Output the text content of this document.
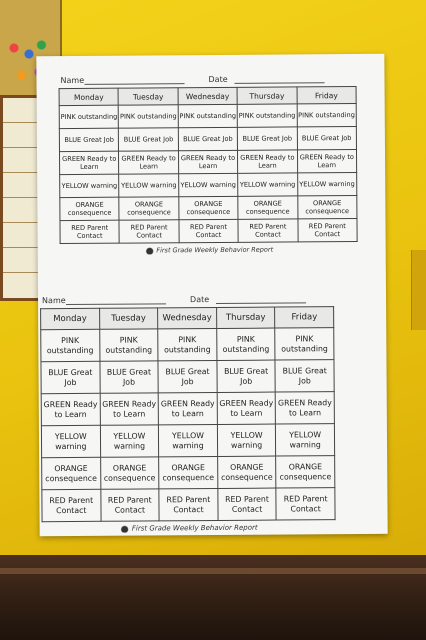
Name	Date
Monday	Tuesday	Wednesday	Thursday	Friday
PINK outstanding	PINK outstanding	PINK outstanding	PINK outstanding	PINK outstanding
BLUE Great Job	BLUE Great Job	BLUE Great Job	BLUE Great Job	BLUE Great Job
GREEN Ready to Learn	GREEN Ready to Learn	GREEN Ready to Learn	GREEN Ready to Learn	GREEN Ready to Learn
YELLOW warning	YELLOW warning	YELLOW warning	YELLOW warning	YELLOW warning
ORANGE consequence	ORANGE consequence	ORANGE consequence	ORANGE consequence	ORANGE consequence
RED Parent Contact	RED Parent Contact	RED Parent Contact	RED Parent Contact	RED Parent Contact
First Grade Weekly Behavior Report
Name	Date
Monday	Tuesday	Wednesday	Thursday	Friday
PINK outstanding	PINK outstanding	PINK outstanding	PINK outstanding	PINK outstanding
BLUE Great Job	BLUE Great Job	BLUE Great Job	BLUE Great Job	BLUE Great Job
GREEN Ready to Learn	GREEN Ready to Learn	GREEN Ready to Learn	GREEN Ready to Learn	GREEN Ready to Learn
YELLOW warning	YELLOW warning	YELLOW warning	YELLOW warning	YELLOW warning
ORANGE consequence	ORANGE consequence	ORANGE consequence	ORANGE consequence	ORANGE consequence
RED Parent Contact	RED Parent Contact	RED Parent Contact	RED Parent Contact	RED Parent Contact
First Grade Weekly Behavior Report
